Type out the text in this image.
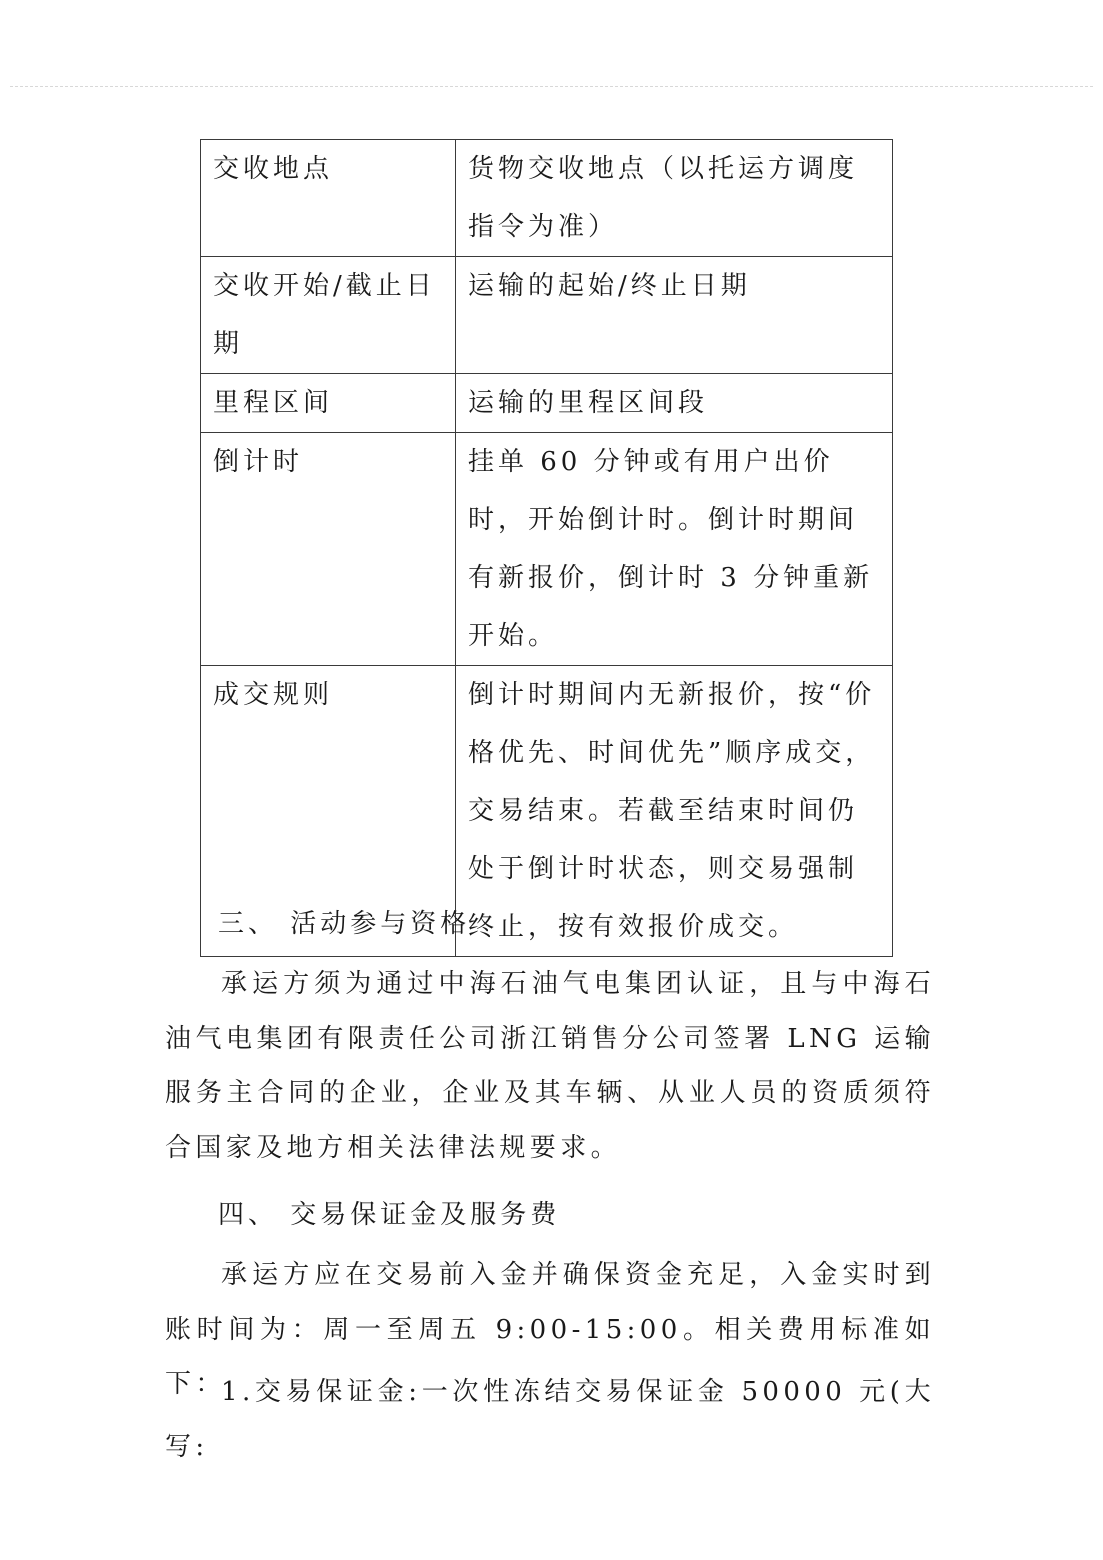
交收地点	货物交收地点（以托运方调度指令为准）
交收开始/截止日期	运输的起始/终止日期
里程区间	运输的里程区间段
倒计时	挂单 60 分钟或有用户出价时，开始倒计时。倒计时期间有新报价，倒计时 3 分钟重新开始。
成交规则	倒计时期间内无新报价，按“价格优先、时间优先”顺序成交，交易结束。若截至结束时间仍处于倒计时状态，则交易强制终止，按有效报价成交。
三、 活动参与资格

承运方须为通过中海石油气电集团认证，且与中海石油气电集团有限责任公司浙江销售分公司签署 LNG 运输服务主合同的企业，企业及其车辆、从业人员的资质须符合国家及地方相关法律法规要求。

四、 交易保证金及服务费

承运方应在交易前入金并确保资金充足，入金实时到账时间为：周一至周五 9:00-15:00。相关费用标准如下：

1.交易保证金:一次性冻结交易保证金 50000 元(大写:
